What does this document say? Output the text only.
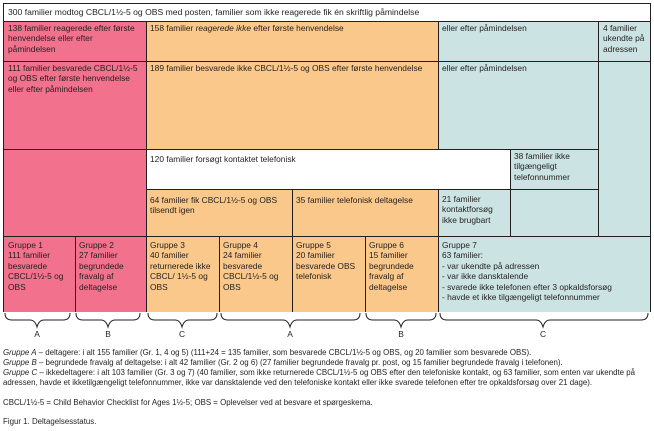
300 familier modtog CBCL/1½-5 og OBS med posten, familier som ikke reagerede fik én skriftlig påmindelse
138 familier reagerede efter første henvendelse eller efter påmindelsen
158 familier reagerede ikke efter første henvendelse	eller efter påmindelsen	4 familier ukendte på adressen
111 familier besvarede CBCL/1½-5 og OBS efter første henvendelse eller efter påmindelsen
189 familier besvarede ikke CBCL/1½-5 og OBS efter første henvendelse	eller efter påmindelsen
120 familier forsøgt kontaktet telefonisk	38 familier ikke tilgængeligt telefonnummer
64 familier fik CBCL/1½-5 og OBS tilsendt igen
35 familier telefonisk deltagelse	21 familier kontaktforsøg ikke brugbart
Gruppe 1
111 familier besvarede CBCL/1½-5 og OBS
Gruppe 2
27 familier begrundede fravalg af deltagelse
Gruppe 3
40 familier returnerede ikke CBCL/ 1½-5 og OBS
Gruppe 4
24 familier besvarede CBCL/1½-5 og OBS
Gruppe 5
20 familier besvarede OBS telefonisk
Gruppe 6
15 familier begrundede fravalg af deltagelse
Gruppe 7
63 familier:
- var ukendte på adressen
- var ikke dansktalende
- svarede ikke telefonen efter 3 opkaldsforsøg
- havde et ikke tilgængeligt telefonnummer
A	B	C	A	B	C
Gruppe A – deltagere: i alt 155 familier (Gr. 1, 4 og 5) (111+24 = 135 familier, som besvarede CBCL/1½-5 og OBS, og 20 familier som besvarede OBS).
Gruppe B – begrundede fravalg af deltagelse: i alt 42 familier (Gr. 2 og 6) (27 familier begrundede fravalg pr. post, og 15 familier begrundede fravalg i telefonen).
Gruppe C – ikkedeltagere: i alt 103 familier (Gr. 3 og 7) (40 familier, som ikke returnerede CBCL/1½-5 og OBS efter den telefoniske kontakt, og 63 familier, som enten var ukendte på adressen, havde et ikketilgængeligt telefonnummer, ikke var dansktalende ved den telefoniske kontakt eller ikke svarede telefonen efter tre opkaldsforsøg over 21 dage).
CBCL/1½-5 = Child Behavior Checklist for Ages 1½-5; OBS = Oplevelser ved at besvare et spørgeskema.
Figur 1. Deltagelsesstatus.
